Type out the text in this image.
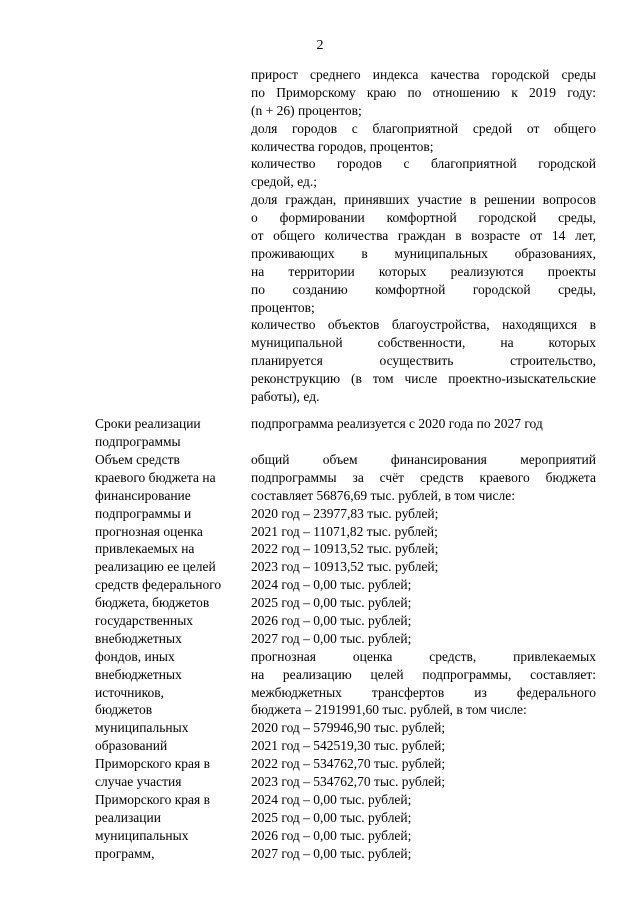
2
прирост среднего индекса качества городской среды
по Приморскому краю по отношению к 2019 году:
(n + 26) процентов;
доля городов с благоприятной средой от общего
количества городов, процентов;
количество городов с благоприятной городской
средой, ед.;
доля граждан, принявших участие в решении вопросов
о формировании комфортной городской среды,
от общего количества граждан в возрасте от 14 лет,
проживающих в муниципальных образованиях,
на территории которых реализуются проекты
по созданию комфортной городской среды,
процентов;
количество объектов благоустройства, находящихся в
муниципальной собственности, на которых
планируется осуществить строительство,
реконструкцию (в том числе проектно-изыскательские
работы), ед.
Сроки реализации
подпрограммы
подпрограмма реализуется с 2020 года по 2027 год
Объем средств
краевого бюджета на
финансирование
подпрограммы и
прогнозная оценка
привлекаемых на
реализацию ее целей
средств федерального
бюджета, бюджетов
государственных
внебюджетных
фондов, иных
внебюджетных
источников,
бюджетов
муниципальных
образований
Приморского края в
случае участия
Приморского края в
реализации
муниципальных
программ,
общий объем финансирования мероприятий
подпрограммы за счёт средств краевого бюджета
составляет 56876,69 тыс. рублей, в том числе:
2020 год – 23977,83 тыс. рублей;
2021 год – 11071,82 тыс. рублей;
2022 год – 10913,52 тыс. рублей;
2023 год – 10913,52 тыс. рублей;
2024 год – 0,00 тыс. рублей;
2025 год – 0,00 тыс. рублей;
2026 год – 0,00 тыс. рублей;
2027 год – 0,00 тыс. рублей;
прогнозная оценка средств, привлекаемых
на реализацию целей подпрограммы, составляет:
межбюджетных трансфертов из федерального
бюджета – 2191991,60 тыс. рублей, в том числе:
2020 год – 579946,90 тыс. рублей;
2021 год – 542519,30 тыс. рублей;
2022 год – 534762,70 тыс. рублей;
2023 год – 534762,70 тыс. рублей;
2024 год – 0,00 тыс. рублей;
2025 год – 0,00 тыс. рублей;
2026 год – 0,00 тыс. рублей;
2027 год – 0,00 тыс. рублей;
